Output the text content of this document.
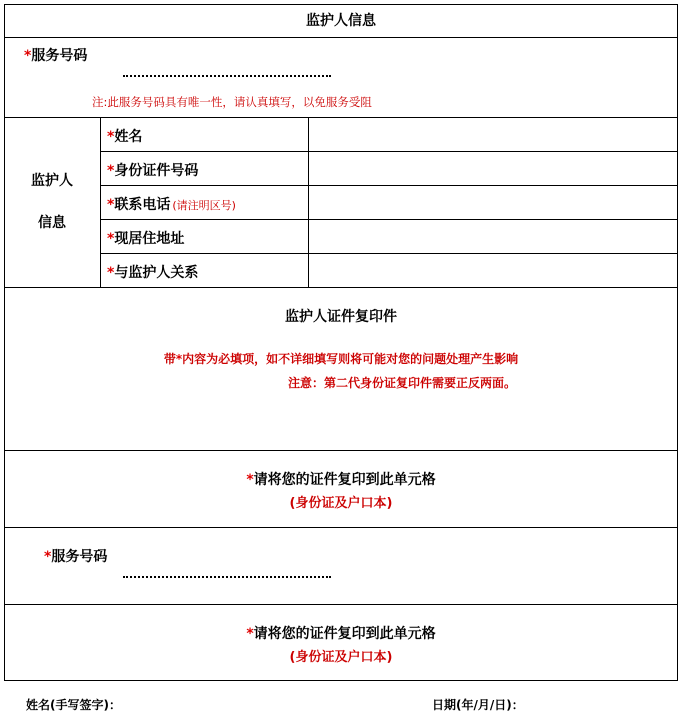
监护人信息
*服务号码
注:此服务号码具有唯一性，请认真填写，以免服务受阻
监护人
信息
*姓名
*身份证件号码
*联系电话 (请注明区号)
*现居住地址
*与监护人关系
监护人证件复印件
带*内容为必填项，如不详细填写则将可能对您的问题处理产生影响
注意：第二代身份证复印件需要正反两面。
*请将您的证件复印到此单元格
(身份证及户口本)
*服务号码
*请将您的证件复印到此单元格
(身份证及户口本)
姓名(手写签字)：	日期(年/月/日)：
